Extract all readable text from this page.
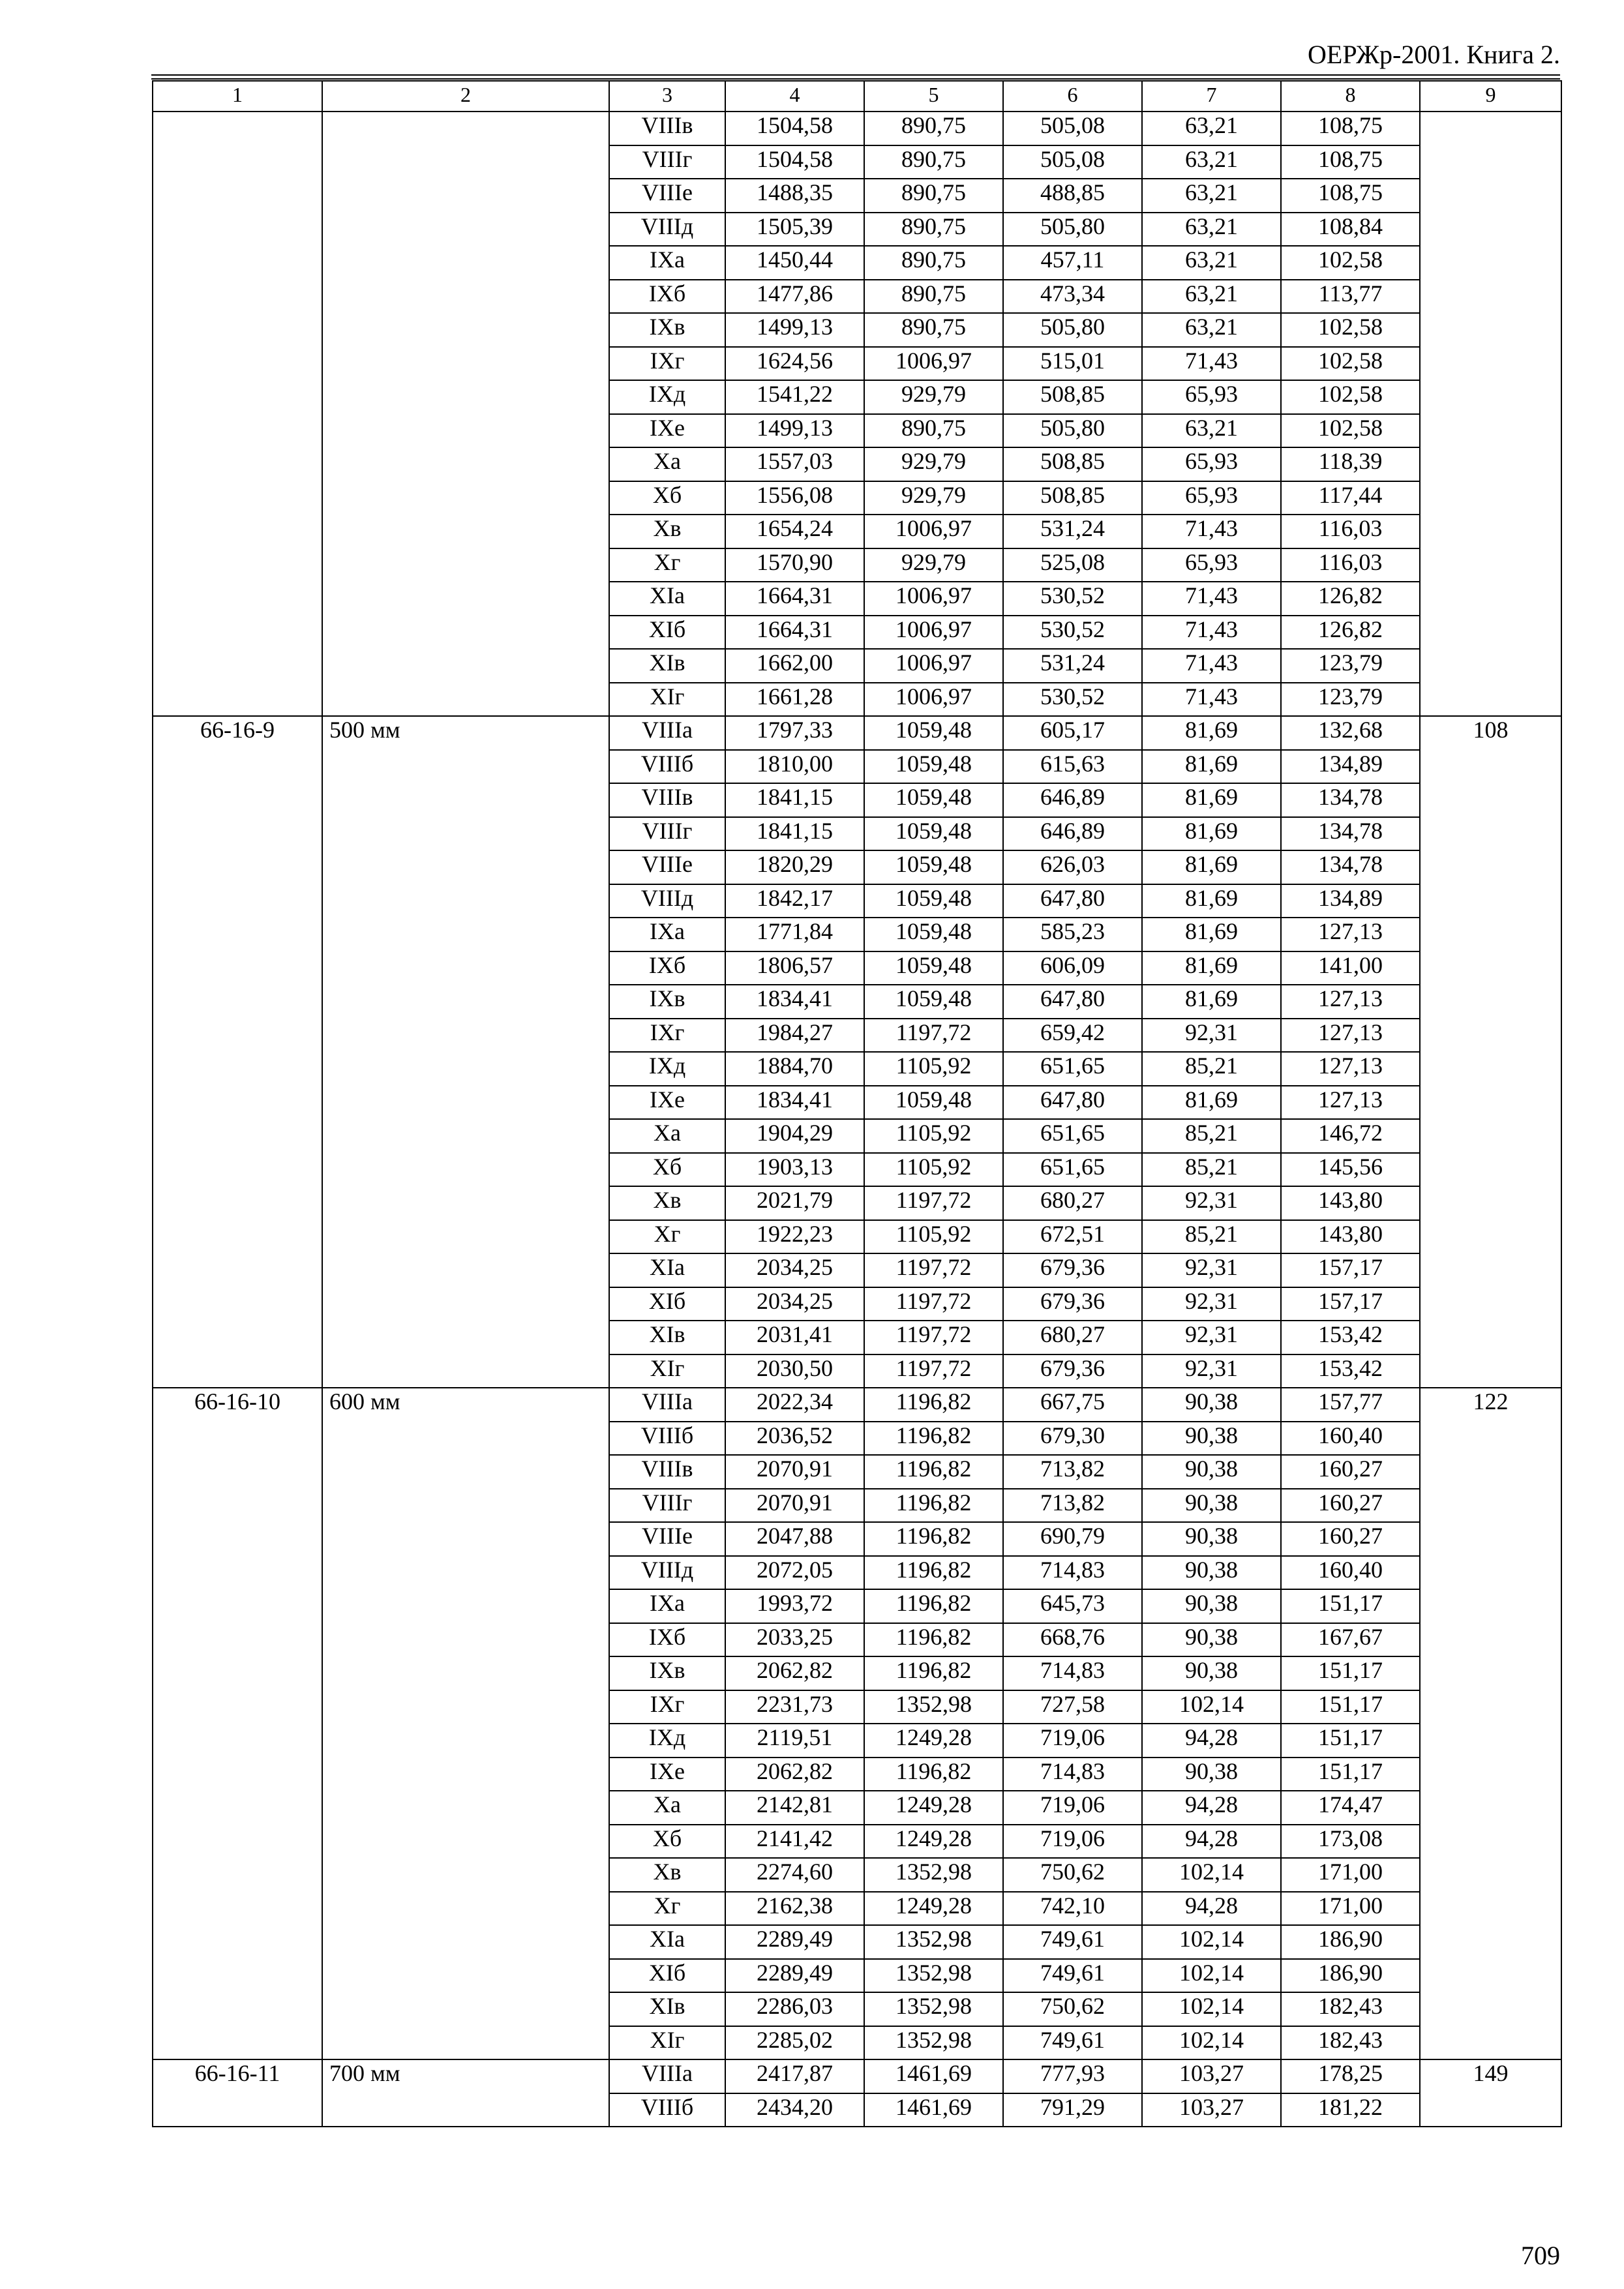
ОЕРЖр-2001. Книга 2.
1	2	3	4	5	6	7	8	9
		VIIIв	1504,58	890,75	505,08	63,21	108,75	
		VIIIг	1504,58	890,75	505,08	63,21	108,75	
		VIIIе	1488,35	890,75	488,85	63,21	108,75	
		VIIIд	1505,39	890,75	505,80	63,21	108,84	
		IXа	1450,44	890,75	457,11	63,21	102,58	
		IXб	1477,86	890,75	473,34	63,21	113,77	
		IXв	1499,13	890,75	505,80	63,21	102,58	
		IXг	1624,56	1006,97	515,01	71,43	102,58	
		IXд	1541,22	929,79	508,85	65,93	102,58	
		IXе	1499,13	890,75	505,80	63,21	102,58	
		Xа	1557,03	929,79	508,85	65,93	118,39	
		Xб	1556,08	929,79	508,85	65,93	117,44	
		Xв	1654,24	1006,97	531,24	71,43	116,03	
		Xг	1570,90	929,79	525,08	65,93	116,03	
		XIа	1664,31	1006,97	530,52	71,43	126,82	
		XIб	1664,31	1006,97	530,52	71,43	126,82	
		XIв	1662,00	1006,97	531,24	71,43	123,79	
		XIг	1661,28	1006,97	530,52	71,43	123,79	
66-16-9	500 мм	VIIIа	1797,33	1059,48	605,17	81,69	132,68	108
		VIIIб	1810,00	1059,48	615,63	81,69	134,89	
		VIIIв	1841,15	1059,48	646,89	81,69	134,78	
		VIIIг	1841,15	1059,48	646,89	81,69	134,78	
		VIIIе	1820,29	1059,48	626,03	81,69	134,78	
		VIIIд	1842,17	1059,48	647,80	81,69	134,89	
		IXа	1771,84	1059,48	585,23	81,69	127,13	
		IXб	1806,57	1059,48	606,09	81,69	141,00	
		IXв	1834,41	1059,48	647,80	81,69	127,13	
		IXг	1984,27	1197,72	659,42	92,31	127,13	
		IXд	1884,70	1105,92	651,65	85,21	127,13	
		IXе	1834,41	1059,48	647,80	81,69	127,13	
		Xа	1904,29	1105,92	651,65	85,21	146,72	
		Xб	1903,13	1105,92	651,65	85,21	145,56	
		Xв	2021,79	1197,72	680,27	92,31	143,80	
		Xг	1922,23	1105,92	672,51	85,21	143,80	
		XIа	2034,25	1197,72	679,36	92,31	157,17	
		XIб	2034,25	1197,72	679,36	92,31	157,17	
		XIв	2031,41	1197,72	680,27	92,31	153,42	
		XIг	2030,50	1197,72	679,36	92,31	153,42	
66-16-10	600 мм	VIIIа	2022,34	1196,82	667,75	90,38	157,77	122
		VIIIб	2036,52	1196,82	679,30	90,38	160,40	
		VIIIв	2070,91	1196,82	713,82	90,38	160,27	
		VIIIг	2070,91	1196,82	713,82	90,38	160,27	
		VIIIе	2047,88	1196,82	690,79	90,38	160,27	
		VIIIд	2072,05	1196,82	714,83	90,38	160,40	
		IXа	1993,72	1196,82	645,73	90,38	151,17	
		IXб	2033,25	1196,82	668,76	90,38	167,67	
		IXв	2062,82	1196,82	714,83	90,38	151,17	
		IXг	2231,73	1352,98	727,58	102,14	151,17	
		IXд	2119,51	1249,28	719,06	94,28	151,17	
		IXе	2062,82	1196,82	714,83	90,38	151,17	
		Xа	2142,81	1249,28	719,06	94,28	174,47	
		Xб	2141,42	1249,28	719,06	94,28	173,08	
		Xв	2274,60	1352,98	750,62	102,14	171,00	
		Xг	2162,38	1249,28	742,10	94,28	171,00	
		XIа	2289,49	1352,98	749,61	102,14	186,90	
		XIб	2289,49	1352,98	749,61	102,14	186,90	
		XIв	2286,03	1352,98	750,62	102,14	182,43	
		XIг	2285,02	1352,98	749,61	102,14	182,43	
66-16-11	700 мм	VIIIа	2417,87	1461,69	777,93	103,27	178,25	149
		VIIIб	2434,20	1461,69	791,29	103,27	181,22	
709
